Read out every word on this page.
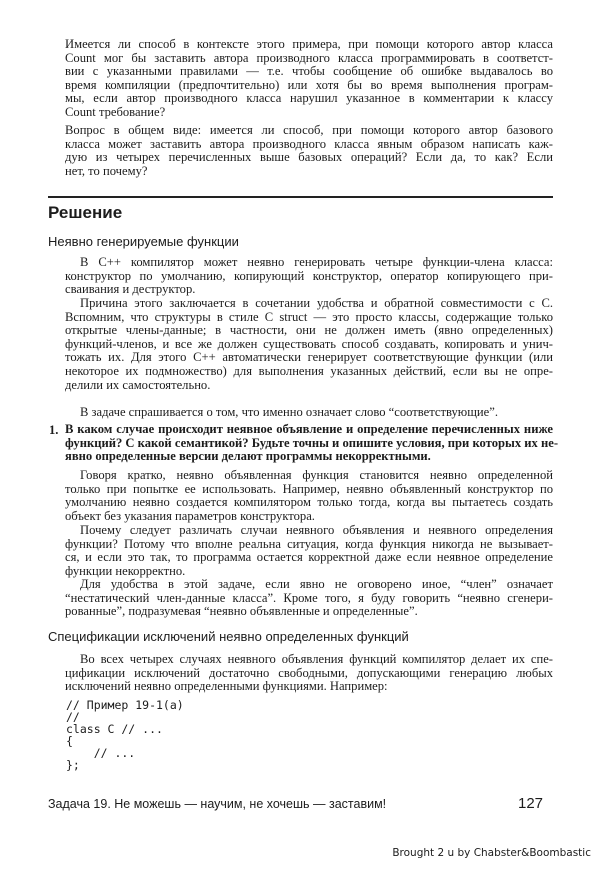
Имеется ли способ в контексте этого примера, при помощи которого автор класса
Count мог бы заставить автора производного класса программировать в соответст-
вии с указанными правилами — т.е. чтобы сообщение об ошибке выдавалось во
время компиляции (предпочтительно) или хотя бы во время выполнения програм-
мы, если автор производного класса нарушил указанное в комментарии к классу
Count требование?
Вопрос в общем виде: имеется ли способ, при помощи которого автор базового
класса может заставить автора производного класса явным образом написать каж-
дую из четырех перечисленных выше базовых операций? Если да, то как? Если
нет, то почему?
Решение
Неявно генерируемые функции
В C++ компилятор может неявно генерировать четыре функции-члена класса:
конструктор по умолчанию, копирующий конструктор, оператор копирующего при-
сваивания и деструктор.
Причина этого заключается в сочетании удобства и обратной совместимости с C.
Вспомним, что структуры в стиле C struct — это просто классы, содержащие только
открытые члены-данные; в частности, они не должен иметь (явно определенных)
функций-членов, и все же должен существовать способ создавать, копировать и унич-
тожать их. Для этого C++ автоматически генерирует соответствующие функции (или
некоторое их подмножество) для выполнения указанных действий, если вы не опре-
делили их самостоятельно.
В задаче спрашивается о том, что именно означает слово “соответствующие”.
1. В каком случае происходит неявное объявление и определение перечисленных ниже
функций? С какой семантикой? Будьте точны и опишите условия, при которых их не-
явно определенные версии делают программы некорректными.
Говоря кратко, неявно объявленная функция становится неявно определенной
только при попытке ее использовать. Например, неявно объявленный конструктор по
умолчанию неявно создается компилятором только тогда, когда вы пытаетесь создать
объект без указания параметров конструктора.
Почему следует различать случаи неявного объявления и неявного определения
функции? Потому что вполне реальна ситуация, когда функция никогда не вызывает-
ся, и если это так, то программа остается корректной даже если неявное определение
функции некорректно.
Для удобства в этой задаче, если явно не оговорено иное, “член” означает
“нестатический член-данные класса”. Кроме того, я буду говорить “неявно сгенери-
рованные”, подразумевая “неявно объявленные и определенные”.
Спецификации исключений неявно определенных функций
Во всех четырех случаях неявного объявления функций компилятор делает их спе-
цификации исключений достаточно свободными, допускающими генерацию любых
исключений неявно определенными функциями. Например:
// Пример 19-1(a)
//
class C // ...
{
// ...
};
Задача 19. Не можешь — научим, не хочешь — заставим!	127
Brought 2 u by Chabster&Boombastic
